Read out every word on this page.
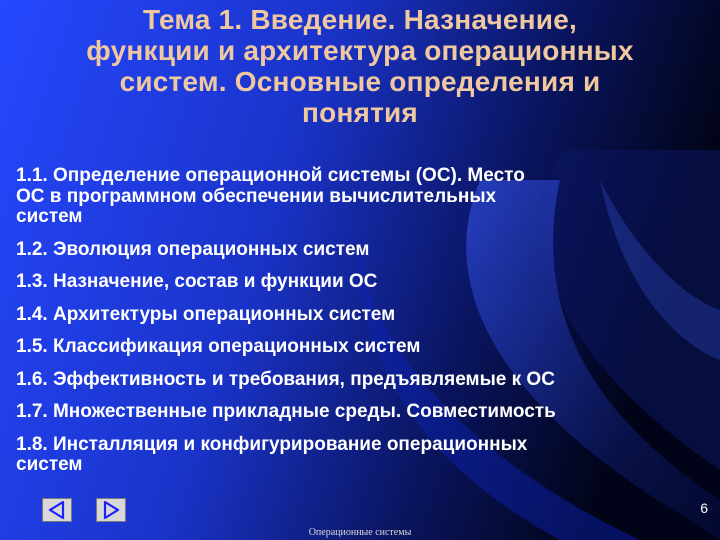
Тема 1. Введение. Назначение,
функции и архитектура операционных
систем. Основные определения и
понятия
1.1. Определение операционной системы (ОС). Место
ОС в программном обеспечении вычислительных
систем
1.2. Эволюция операционных систем
1.3. Назначение, состав и функции ОС
1.4. Архитектуры операционных систем
1.5. Классификация операционных систем
1.6. Эффективность и требования, предъявляемые к ОС
1.7. Множественные прикладные среды. Совместимость
1.8. Инсталляция и конфигурирование операционных
систем
6
Операционные системы
